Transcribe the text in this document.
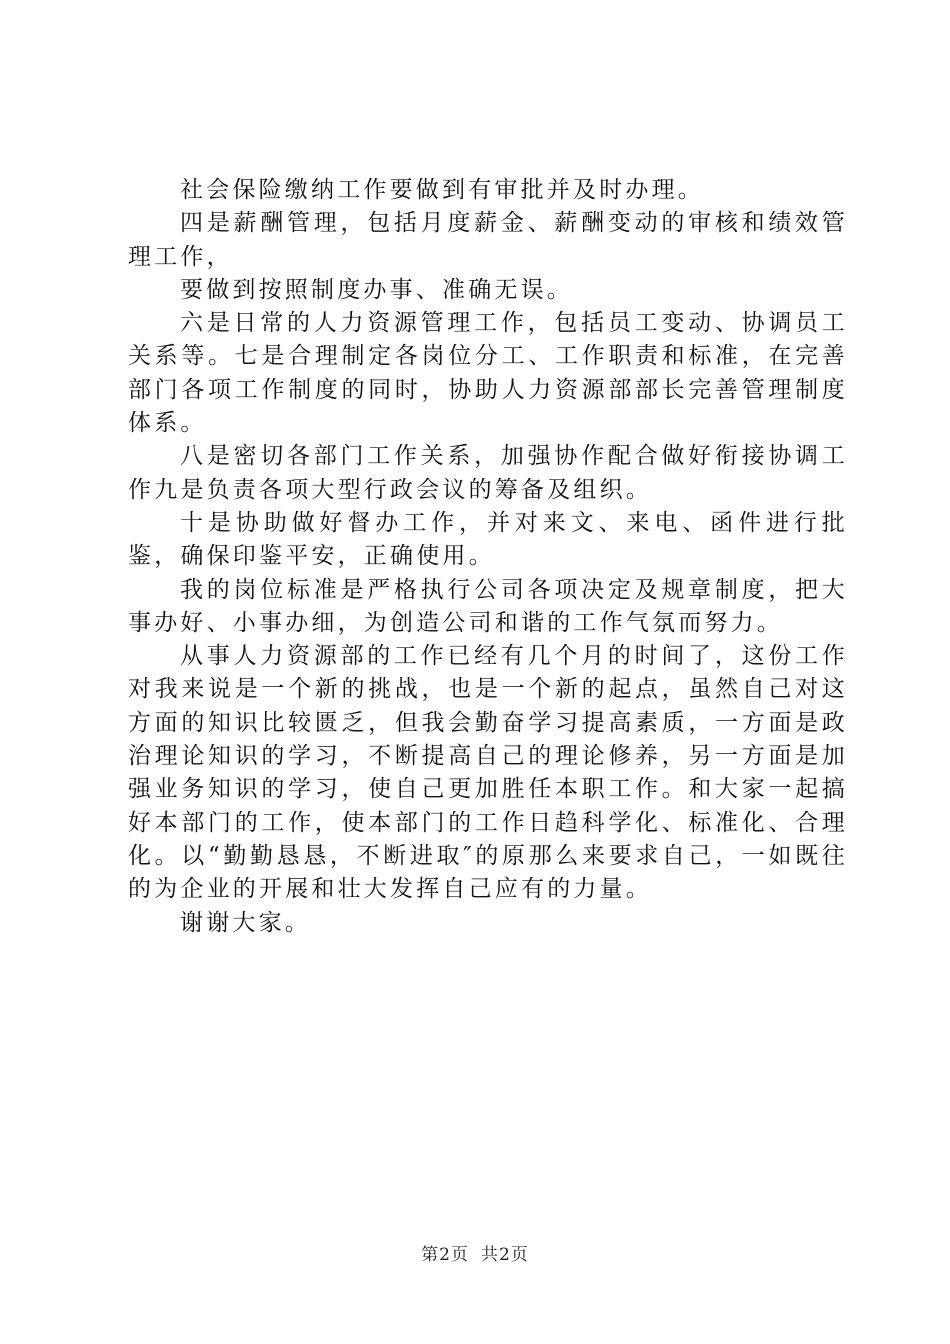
社会保险缴纳工作要做到有审批并及时办理。

四是薪酬管理，包括月度薪金、薪酬变动的审核和绩效管理工作，

要做到按照制度办事、准确无误。

六是日常的人力资源管理工作，包括员工变动、协调员工关系等。七是合理制定各岗位分工、工作职责和标准，在完善部门各项工作制度的同时，协助人力资源部部长完善管理制度体系。

八是密切各部门工作关系，加强协作配合做好衔接协调工作九是负责各项大型行政会议的筹备及组织。

十是协助做好督办工作，并对来文、来电、函件进行批鉴，确保印鉴平安，正确使用。

我的岗位标准是严格执行公司各项决定及规章制度，把大事办好、小事办细，为创造公司和谐的工作气氛而努力。

从事人力资源部的工作已经有几个月的时间了，这份工作对我来说是一个新的挑战，也是一个新的起点，虽然自己对这方面的知识比较匮乏，但我会勤奋学习提高素质，一方面是政治理论知识的学习，不断提高自己的理论修养，另一方面是加强业务知识的学习，使自己更加胜任本职工作。和大家一起搞好本部门的工作，使本部门的工作日趋科学化、标准化、合理化。以“勤勤恳恳，不断进取″的原那么来要求自己，一如既往的为企业的开展和壮大发挥自己应有的力量。

谢谢大家。

第2页 共2页
